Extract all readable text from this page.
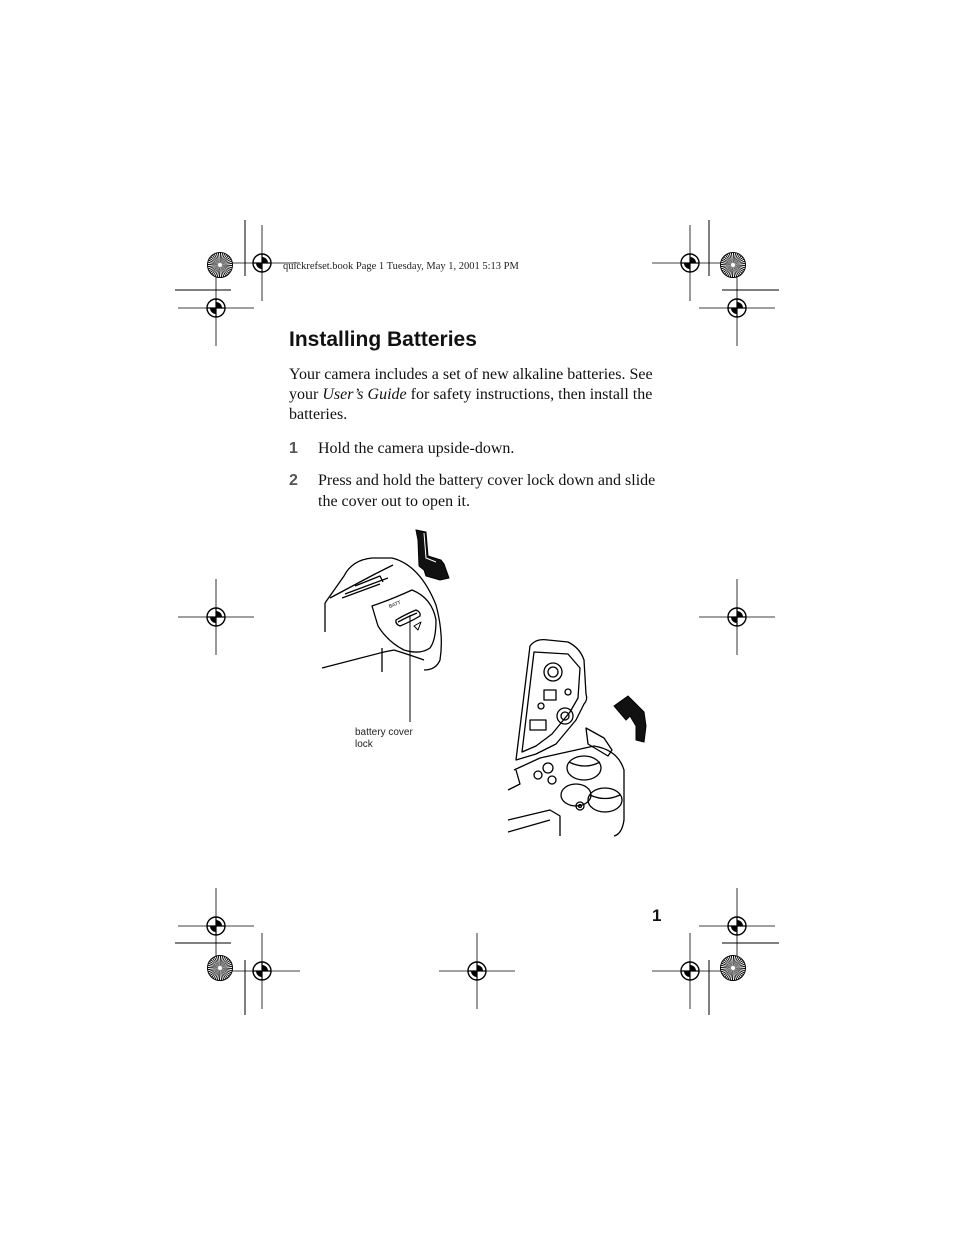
BATT
quickrefset.book Page 1 Tuesday, May 1, 2001 5:13 PM
Installing Batteries
Your camera includes a set of new alkaline batteries. See your User’s Guide for safety instructions, then install the batteries.
1 Hold the camera upside-down.
2 Press and hold the battery cover lock down and slide the cover out to open it.
battery cover
lock
1
